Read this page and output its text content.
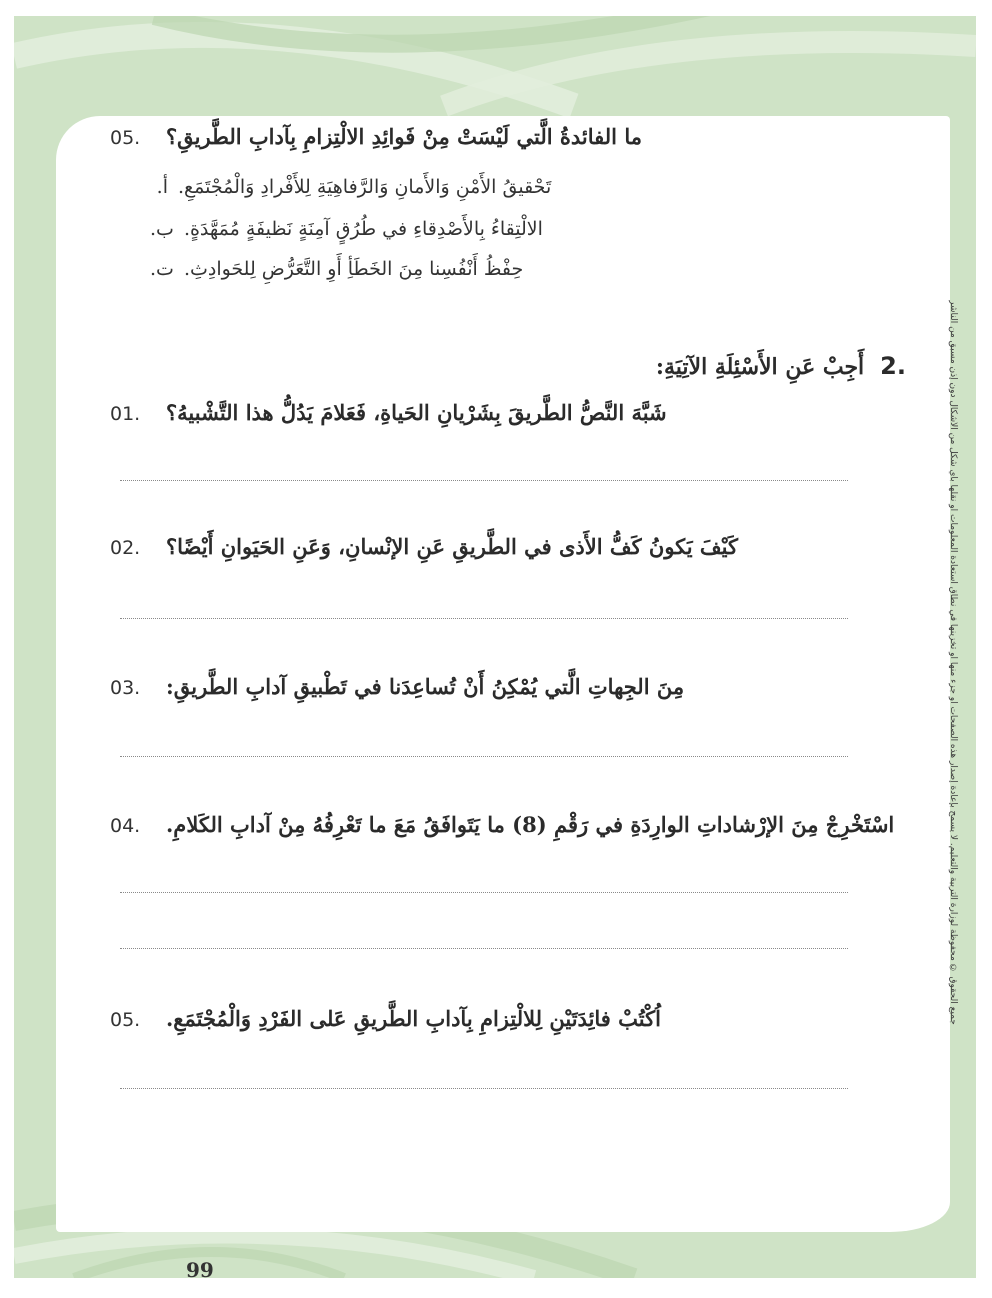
جميع الحقوق © محفوظة لوزارة التربية والتعليم. لا يسمح بإعادة إصدار هذه الصفحات أو جزء منها أو تخزينها في نطاق استعادة المعلومات أو نقلها بأي شكل من الأشكال دون إذن مسبق من الناشر
05.	ما الفائدةُ الَّتي لَيْسَتْ مِنْ فَوائِدِ الالْتِزامِ بِآدابِ الطَّريقِ؟
أ. تَحْقيقُ الأَمْنِ وَالأَمانِ وَالرَّفاهِيَةِ لِلأَفْرادِ وَالْمُجْتَمَعِ.
ب. الالْتِقاءُ بِالأَصْدِقاءِ في طُرُقٍ آمِنَةٍ نَظيفَةٍ مُمَهَّدَةٍ.
ت. حِفْظُ أَنْفُسِنا مِنَ الخَطَأِ أَوِ التَّعَرُّضِ لِلحَوادِثِ.
2.
أَجِبْ عَنِ الأَسْئِلَةِ الآتِيَةِ:
01.	شَبَّهَ النَّصُّ الطَّريقَ بِشَرْيانِ الحَياةِ، فَعَلامَ يَدُلُّ هذا التَّشْبيهُ؟
02.	كَيْفَ يَكونُ كَفُّ الأَذى في الطَّريقِ عَنِ الإنْسانِ، وَعَنِ الحَيَوانِ أَيْضًا؟
03.	مِنَ الجِهاتِ الَّتي يُمْكِنُ أَنْ تُساعِدَنا في تَطْبيقِ آدابِ الطَّريقِ:
04.	اسْتَخْرِجْ مِنَ الإرْشاداتِ الوارِدَةِ في رَقْمِ (8) ما يَتَوافَقُ مَعَ ما تَعْرِفُهُ مِنْ آدابِ الكَلامِ.
05.	اُكْتُبْ فائِدَتَيْنِ لِلالْتِزامِ بِآدابِ الطَّريقِ عَلى الفَرْدِ وَالْمُجْتَمَعِ.
99
